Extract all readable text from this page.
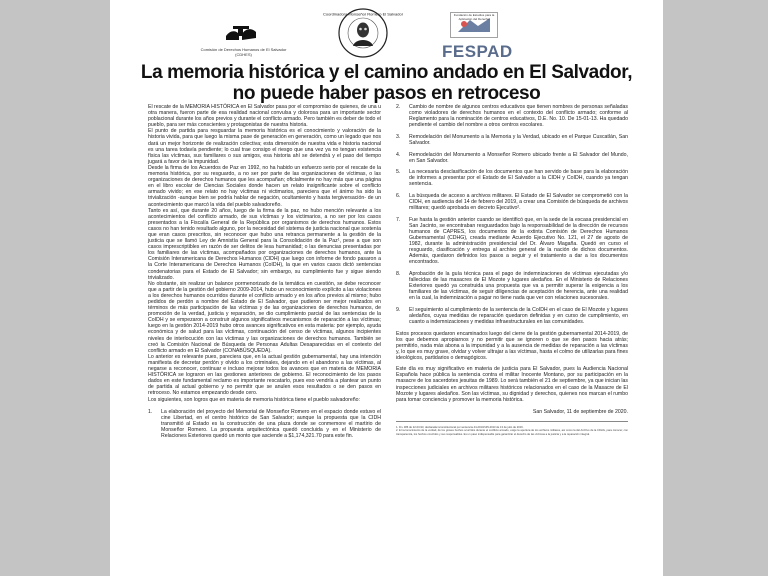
Comisión de Derechos Humanos de El Salvador (CDHES)
Coordinadora Monseñor Romero El Salvador	Fundación de Estudios para la Aplicación del Derecho
FESPAD
La memoria histórica y el camino andado en El Salvador,
no puede haber pasos en retroceso

El rescate de la MEMORIA HISTÓRICA en El Salvador pasa por el compromiso de quienes, de una u otra manera, fueron parte de esa realidad nacional convulsa y dolorosa para un importante sector poblacional durante los años previos y durante el conflicto armado. Pero también es deber de todo el pueblo, para ser más conscientes y protagonistas de nuestra historia.

El punto de partida para resguardar la memoria histórica es el conocimiento y valoración de la historia vivida, para que luego la misma pase de generación en generación, como un legado que nos dará un mejor horizonte de realización colectiva; esta dimensión de nuestra vida e historia nacional es una tarea todavía pendiente; lo cual trae consigo el riesgo que una vez ya no tengan existencia física las víctimas, sus familiares o sus amigos, esa historia ahí se detendrá y el paso del tiempo jugará a favor de la impunidad.

Desde la firma de los Acuerdos de Paz en 1992, no ha habido un esfuerzo serio por el rescate de la memoria histórica, por su resguardo, a no ser por parte de las organizaciones de víctimas, o las organizaciones de derechos humanos que les acompañan; oficialmente no hay más que una página en el libro escolar de Ciencias Sociales donde hacen un relato insignificante sobre el conflicto armado vivido; en ese relato no hay víctimas ni victimarios, pareciera que el ánimo ha sido la trivialización -aunque bien se podría hablar de negación, ocultamiento y hasta tergiversación- de un acontecimiento que marcó la vida del pueblo salvadoreño.

Tanto es así, que durante 20 años, luego de la firma de la paz, no hubo mención relevante a los acontecimientos del conflicto armado, de sus víctimas y los victimarios, a no ser por los casos presentados a la Fiscalía General de la República por organismos de derechos humanos. Estos casos no han tenido resultado alguno, por la necesidad del sistema de justicia nacional que sostenía que eran casos prescritos, sin reconocer que hubo una retranca permanente a la gestión de la justicia que se llamó Ley de Amnistía General para la Consolidación de la Paz¹, pese a que son casos imprescriptibles en razón de ser delitos de lesa humanidad; o las denuncias presentadas por los familiares de las víctimas, acompañados por organizaciones de derechos humanos, ante la Comisión Interamericana de Derechos Humanos (CIDH) que luego con informe de fondo pasaron a la Corte Interamericana de Derechos Humanos (CoIDH), la que en varios casos dictó sentencias condenatorias para el Estado de El Salvador; sin embargo, su cumplimiento fue y sigue siendo trivializado.

No obstante, sin realizar un balance pormenorizado de la temática en cuestión, se debe reconocer que a partir de la gestión del gobierno 2009-2014, hubo un reconocimiento explícito a las violaciones a los derechos humanos ocurridos durante el conflicto armado y en los años previos al mismo; hubo pedidos de perdón a nombre del Estado de El Salvador, que pudieron ser mejor realizados en términos de más participación de las víctimas y de las organizaciones de derechos humanos, de promoción de la verdad, justicia y reparación, se dio cumplimiento parcial de las sentencias de la CoIDH y se empezaron a construir algunos significativos mecanismos de reparación a las víctimas; luego en la gestión 2014-2019 hubo otros avances significativos en esta materia: por ejemplo, ayuda económica y de salud para las víctimas, continuación del censo de víctimas, algunos incipientes niveles de interlocución con las víctimas y las organizaciones de derechos humanos. También se creó la Comisión Nacional de Búsqueda de Personas Adultas Desaparecidas en el contexto del conflicto armado en El Salvador (CONABÚSQUEDA).

Lo anterior es relevante pues, pareciera que, en la actual gestión gubernamental, hay una intención manifiesta de decretar perdón y olvido a los criminales, dejando en el abandono a las víctimas, al negarse a reconocer, continuar e incluso mejorar todos los avances que en materia de MEMORIA HISTÓRICA se lograron en las gestiones anteriores de gobierno. El reconocimiento de los pasos dados en este fundamental reclamo es importante rescatarlo, pues eso vendría a plantear un punto de partida al actual gobierno y no permitir que se anulen esos resultados o se den pasos en retroceso. No estamos empezando desde cero.

Los siguientes, son logros que en materia de memoria histórica tiene el pueblo salvadoreño:

1. La elaboración del proyecto del Memorial de Monseñor Romero en el espacio donde estuvo el cine Libertad, en el centro histórico de San Salvador; aunque la propuesta que la CIDH transmitió al Estado es la construcción de una plaza donde se conmemore el martirio de Monseñor Romero. La propuesta arquitectónica quedó concluida y en el Ministerio de Relaciones Exteriores quedó un monto que asciende a $1,174,321.70 para este fin.
2. Cambio de nombre de algunos centros educativos que tienen nombres de personas señaladas como violadores de derechos humanos en el contexto del conflicto armado; conforme al Reglamento para la nominación de centros educativos, D.E. No. 10. De 15-01-13. Ha quedado pendiente el cambio del nombre a otros centros escolares.
3. Remodelación del Monumento a la Memoria y la Verdad, ubicado en el Parque Cuscatlán, San Salvador.
4. Remodelación del Monumento a Monseñor Romero ubicado frente a El Salvador del Mundo, en San Salvador.
5. La necesaria desclasificación de los documentos que han servido de base para la elaboración de informes a presentar por el Estado de El Salvador a la CIDH y CoIDH, cuando ya tengan sentencia.
6. La búsqueda de acceso a archivos militares. El Estado de El Salvador se comprometió con la CIDH, en audiencia del 14 de febrero del 2019, a crear una Comisión de búsqueda de archivos militares; quedó aprobada en decreto Ejecutivo².
7. Fue hasta la gestión anterior cuando se identificó que, en la sede de la excasa presidencial en San Jacinto, se encontraban resguardados bajo la responsabilidad de la dirección de recursos humanos de CAPRES, los documentos de la extinta Comisión de Derechos Humanos Gubernamental (CDHG), creada mediante Acuerdo Ejecutivo No. 121, el 27 de agosto de 1982, durante la administración presidencial del Dr. Álvaro Magaña. Quedó en curso el resguardo, clasificación y entrega al archivo general de la nación de dichos documentos. Además, quedaron definidos los pasos a seguir y el tratamiento a dar a los documentos encontrados.
8. Aprobación de la guía técnica para el pago de indemnizaciones de víctimas ejecutadas y/o fallecidas de las masacres de El Mozote y lugares aledaños. En el Ministerio de Relaciones Exteriores quedó ya construida una propuesta que va a permitir superar la exigencia a los familiares de las víctimas, de seguir diligencias de aceptación de herencia, ante una realidad en la cual, la indemnización a pagar no tiene nada que ver con relaciones sucesorales.
9. El seguimiento al cumplimiento de la sentencia de la CoIDH en el caso de El Mozote y lugares aledaños, cuyas medidas de reparación quedaron definidas y en curso de cumplimiento, en cuanto a indemnizaciones y medidas infraestructurales en las comunidades.

Estos procesos quedaron encaminados luego del cierre de la gestión gubernamental 2014-2019, de los que debemos apropiarnos y no permitir que se ignoren o que se den pasos hacia atrás; permitirlo, nada más abona a la impunidad y a la ausencia de medidas de reparación a las víctimas y, lo que es muy grave, olvidar y volver ultrajar a las víctimas, hasta el colmo de utilizarlas para fines ideológicos, partidarios o demagógicos.

Este día es muy significativo en materia de justicia para El Salvador, pues la Audiencia Nacional Española hace pública la sentencia contra el militar Inocente Montano, por su participación en la masacre de los sacerdotes jesuitas de 1989. Lo será también el 21 de septiembre, ya que inician las inspecciones judiciales en archivos militares históricos relacionados en el caso de la Masacre de El Mozote y lugares aledaños. Son las víctimas, su dignidad y derechos, quienes nos marcan el rumbo para tomar conciencia y promover la memoria histórica.

San Salvador, 11 de septiembre de 2020.

1. D.L 486 de 22-03-93, declarada inconstitucional por sentencia 44-2013/145-2013 de 13 de julio de 2016.

2. El reconocimiento de la verdad, de los graves hechos ocurridos durante el conflicto armado, exige la apertura de los archivos militares, así como la del Archivo de la CDHG, para conocer, con transparencia, los hechos ocurridos y sus responsables. Es un paso indispensable para garantizar el derecho de las víctimas a la justicia y a la reparación integral.
